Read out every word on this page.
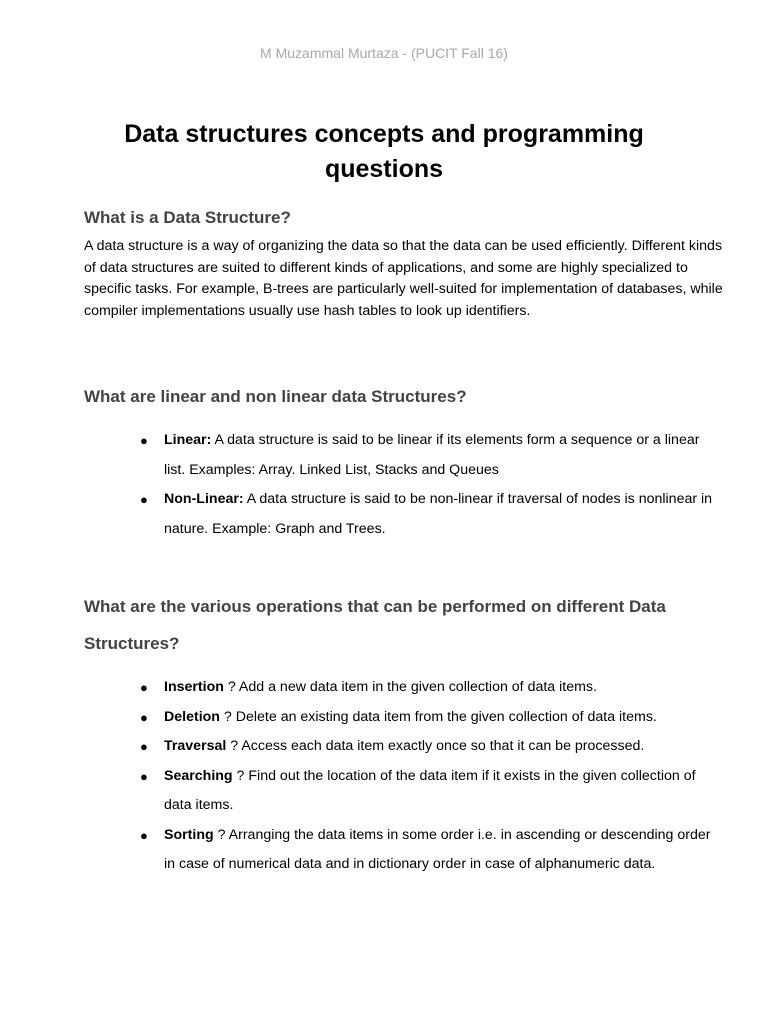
M Muzammal Murtaza - (PUCIT Fall 16)
Data structures concepts and programming questions
What is a Data Structure?

A data structure is a way of organizing the data so that the data can be used efficiently. Different kinds of data structures are suited to different kinds of applications, and some are highly specialized to specific tasks. For example, B-trees are particularly well-suited for implementation of databases, while compiler implementations usually use hash tables to look up identifiers.

What are linear and non linear data Structures?
● Linear: A data structure is said to be linear if its elements form a sequence or a linear list. Examples: Array. Linked List, Stacks and Queues
● Non-Linear: A data structure is said to be non-linear if traversal of nodes is nonlinear in nature. Example: Graph and Trees.
What are the various operations that can be performed on different Data Structures?
● Insertion ? Add a new data item in the given collection of data items.
● Deletion ? Delete an existing data item from the given collection of data items.
● Traversal ? Access each data item exactly once so that it can be processed.
● Searching ? Find out the location of the data item if it exists in the given collection of data items.
● Sorting ? Arranging the data items in some order i.e. in ascending or descending order in case of numerical data and in dictionary order in case of alphanumeric data.
